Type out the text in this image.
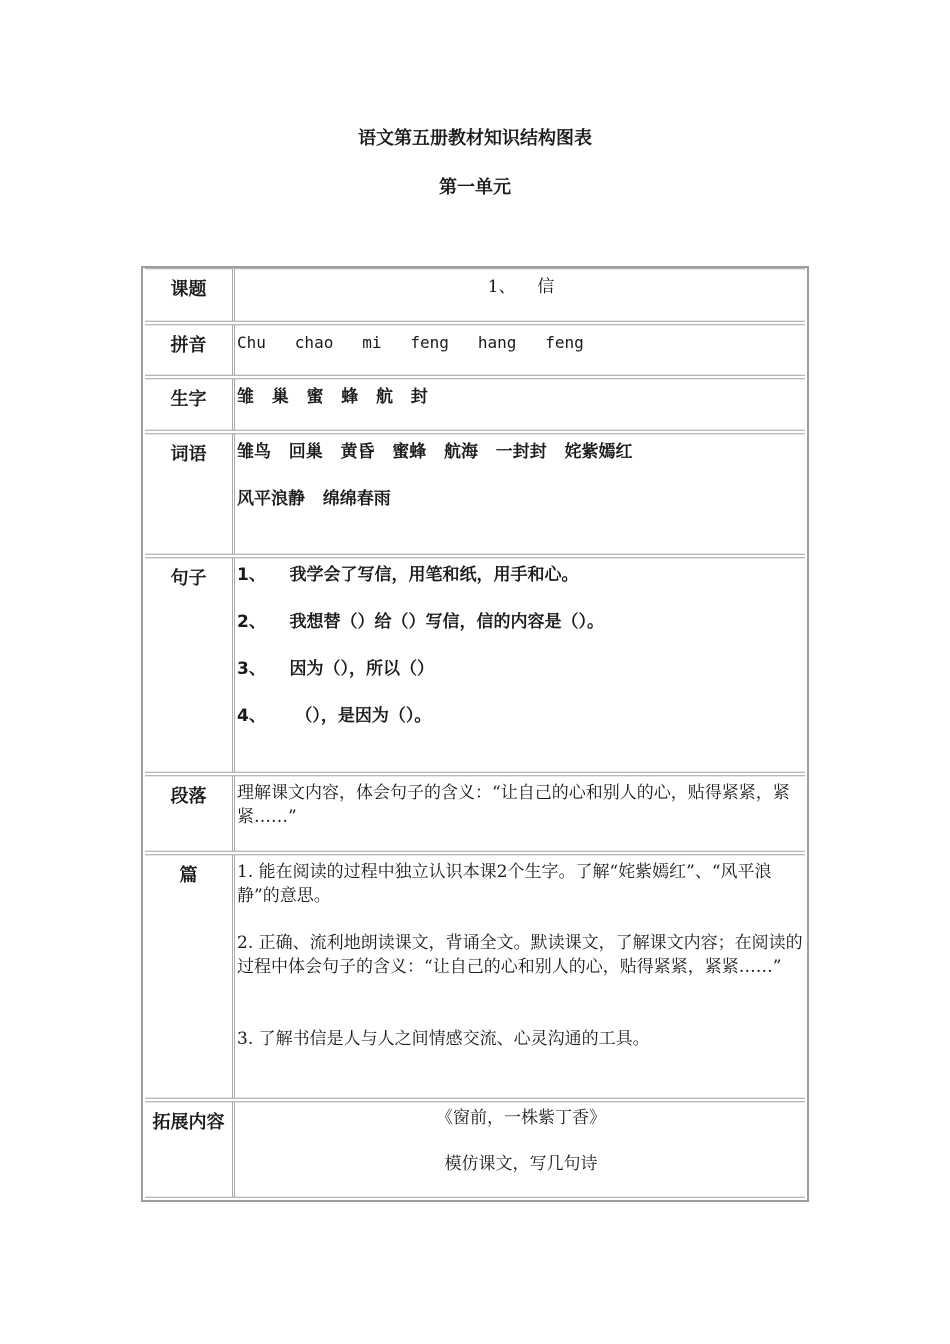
语文第五册教材知识结构图表
第一单元
课题	1、    信
拼音	Chu   chao   mi   feng   hang   feng
生字	雏   巢   蜜   蜂   航   封
词语	雏鸟   回巢   黄昏   蜜蜂   航海   一封封   姹紫嫣红
风平浪静   绵绵春雨
句子	1、    我学会了写信，用笔和纸，用手和心。
2、    我想替（）给（）写信，信的内容是（）。
3、    因为（），所以（）
4、     （），是因为（）。
段落	理解课文内容，体会句子的含义：“让自己的心和别人的心，贴得紧紧，紧紧……”
篇	1. 能在阅读的过程中独立认识本课2个生字。了解“姹紫嫣红”、“风平浪静”的意思。
2. 正确、流利地朗读课文，背诵全文。默读课文，了解课文内容；在阅读的过程中体会句子的含义：“让自己的心和别人的心，贴得紧紧，紧紧……”
3. 了解书信是人与人之间情感交流、心灵沟通的工具。
拓展内容	《窗前，一株紫丁香》
模仿课文，写几句诗
